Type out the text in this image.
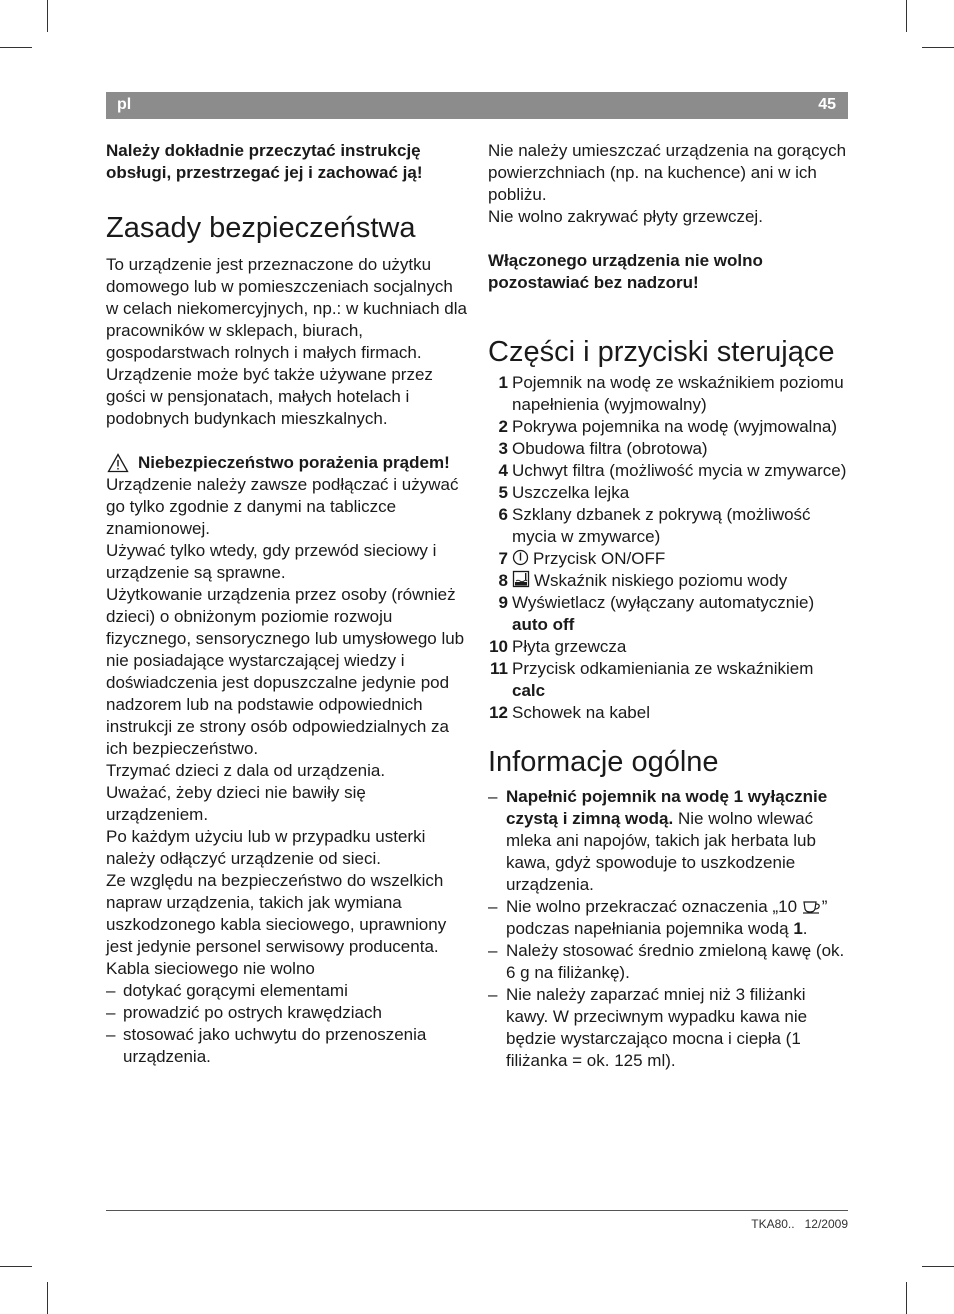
pl	45

Należy dokładnie przeczytać instrukcję obsługi, przestrzegać jej i zachować ją!

Zasady bezpieczeństwa

To urządzenie jest przeznaczone do użytku domowego lub w pomieszczeniach socjalnych w celach niekomercyjnych, np.: w kuchniach dla pracowników w sklepach, biurach, gospodarstwach rolnych i małych firmach. Urządzenie może być także używane przez gości w pensjonatach, małych hotelach i podobnych budynkach mieszkalnych.

Niebezpieczeństwo porażenia prądem!

Urządzenie należy zawsze podłączać i używać go tylko zgodnie z danymi na tabliczce znamionowej.

Używać tylko wtedy, gdy przewód sieciowy i urządzenie są sprawne.

Użytkowanie urządzenia przez osoby (również dzieci) o obniżonym poziomie rozwoju fizycznego, sensorycznego lub umysłowego lub nie posiadające wystarczającej wiedzy i doświadczenia jest dopuszczalne jedynie pod nadzorem lub na podstawie odpowiednich instrukcji ze strony osób odpowiedzialnych za ich bezpieczeństwo.

Trzymać dzieci z dala od urządzenia.

Uważać, żeby dzieci nie bawiły się urządzeniem.

Po każdym użyciu lub w przypadku usterki należy odłączyć urządzenie od sieci.

Ze względu na bezpieczeństwo do wszelkich napraw urządzenia, takich jak wymiana uszkodzonego kabla sieciowego, uprawniony jest jedynie personel serwisowy producenta.

Kabla sieciowego nie wolno

– dotykać gorącymi elementami

– prowadzić po ostrych krawędziach

– stosować jako uchwytu do przenoszenia urządzenia.

Nie należy umieszczać urządzenia na gorących powierzchniach (np. na kuchence) ani w ich pobliżu.

Nie wolno zakrywać płyty grzewczej.

Włączonego urządzenia nie wolno pozostawiać bez nadzoru!

Części i przyciski sterujące
1 Pojemnik na wodę ze wskaźnikiem poziomu napełnienia (wyjmowalny)
2 Pokrywa pojemnika na wodę (wyjmowalna)
3 Obudowa filtra (obrotowa)
4 Uchwyt filtra (możliwość mycia w zmywarce)
5 Uszczelka lejka
6 Szklany dzbanek z pokrywą (możliwość mycia w zmywarce)
7	Przycisk ON/OFF
8	Wskaźnik niskiego poziomu wody
9 Wyświetlacz (wyłączany automatycznie)
auto off
10 Płyta grzewcza
11 Przycisk odkamieniania ze wskaźnikiem
calc
12 Schowek na kabel
Informacje ogólne

– Napełnić pojemnik na wodę 1 wyłącznie czystą i zimną wodą. Nie wolno wlewać mleka ani napojów, takich jak herbata lub kawa, gdyż spowoduje to uszkodzenie urządzenia.

– Nie wolno przekraczać oznaczenia „10 ” podczas napełniania pojemnika wodą 1.

– Należy stosować średnio zmieloną kawę (ok. 6 g na filiżankę).

– Nie należy zaparzać mniej niż 3 filiżanki kawy. W przeciwnym wypadku kawa nie będzie wystarczająco mocna i ciepła (1 filiżanka = ok. 125 ml).

TKA80.. 12/2009
